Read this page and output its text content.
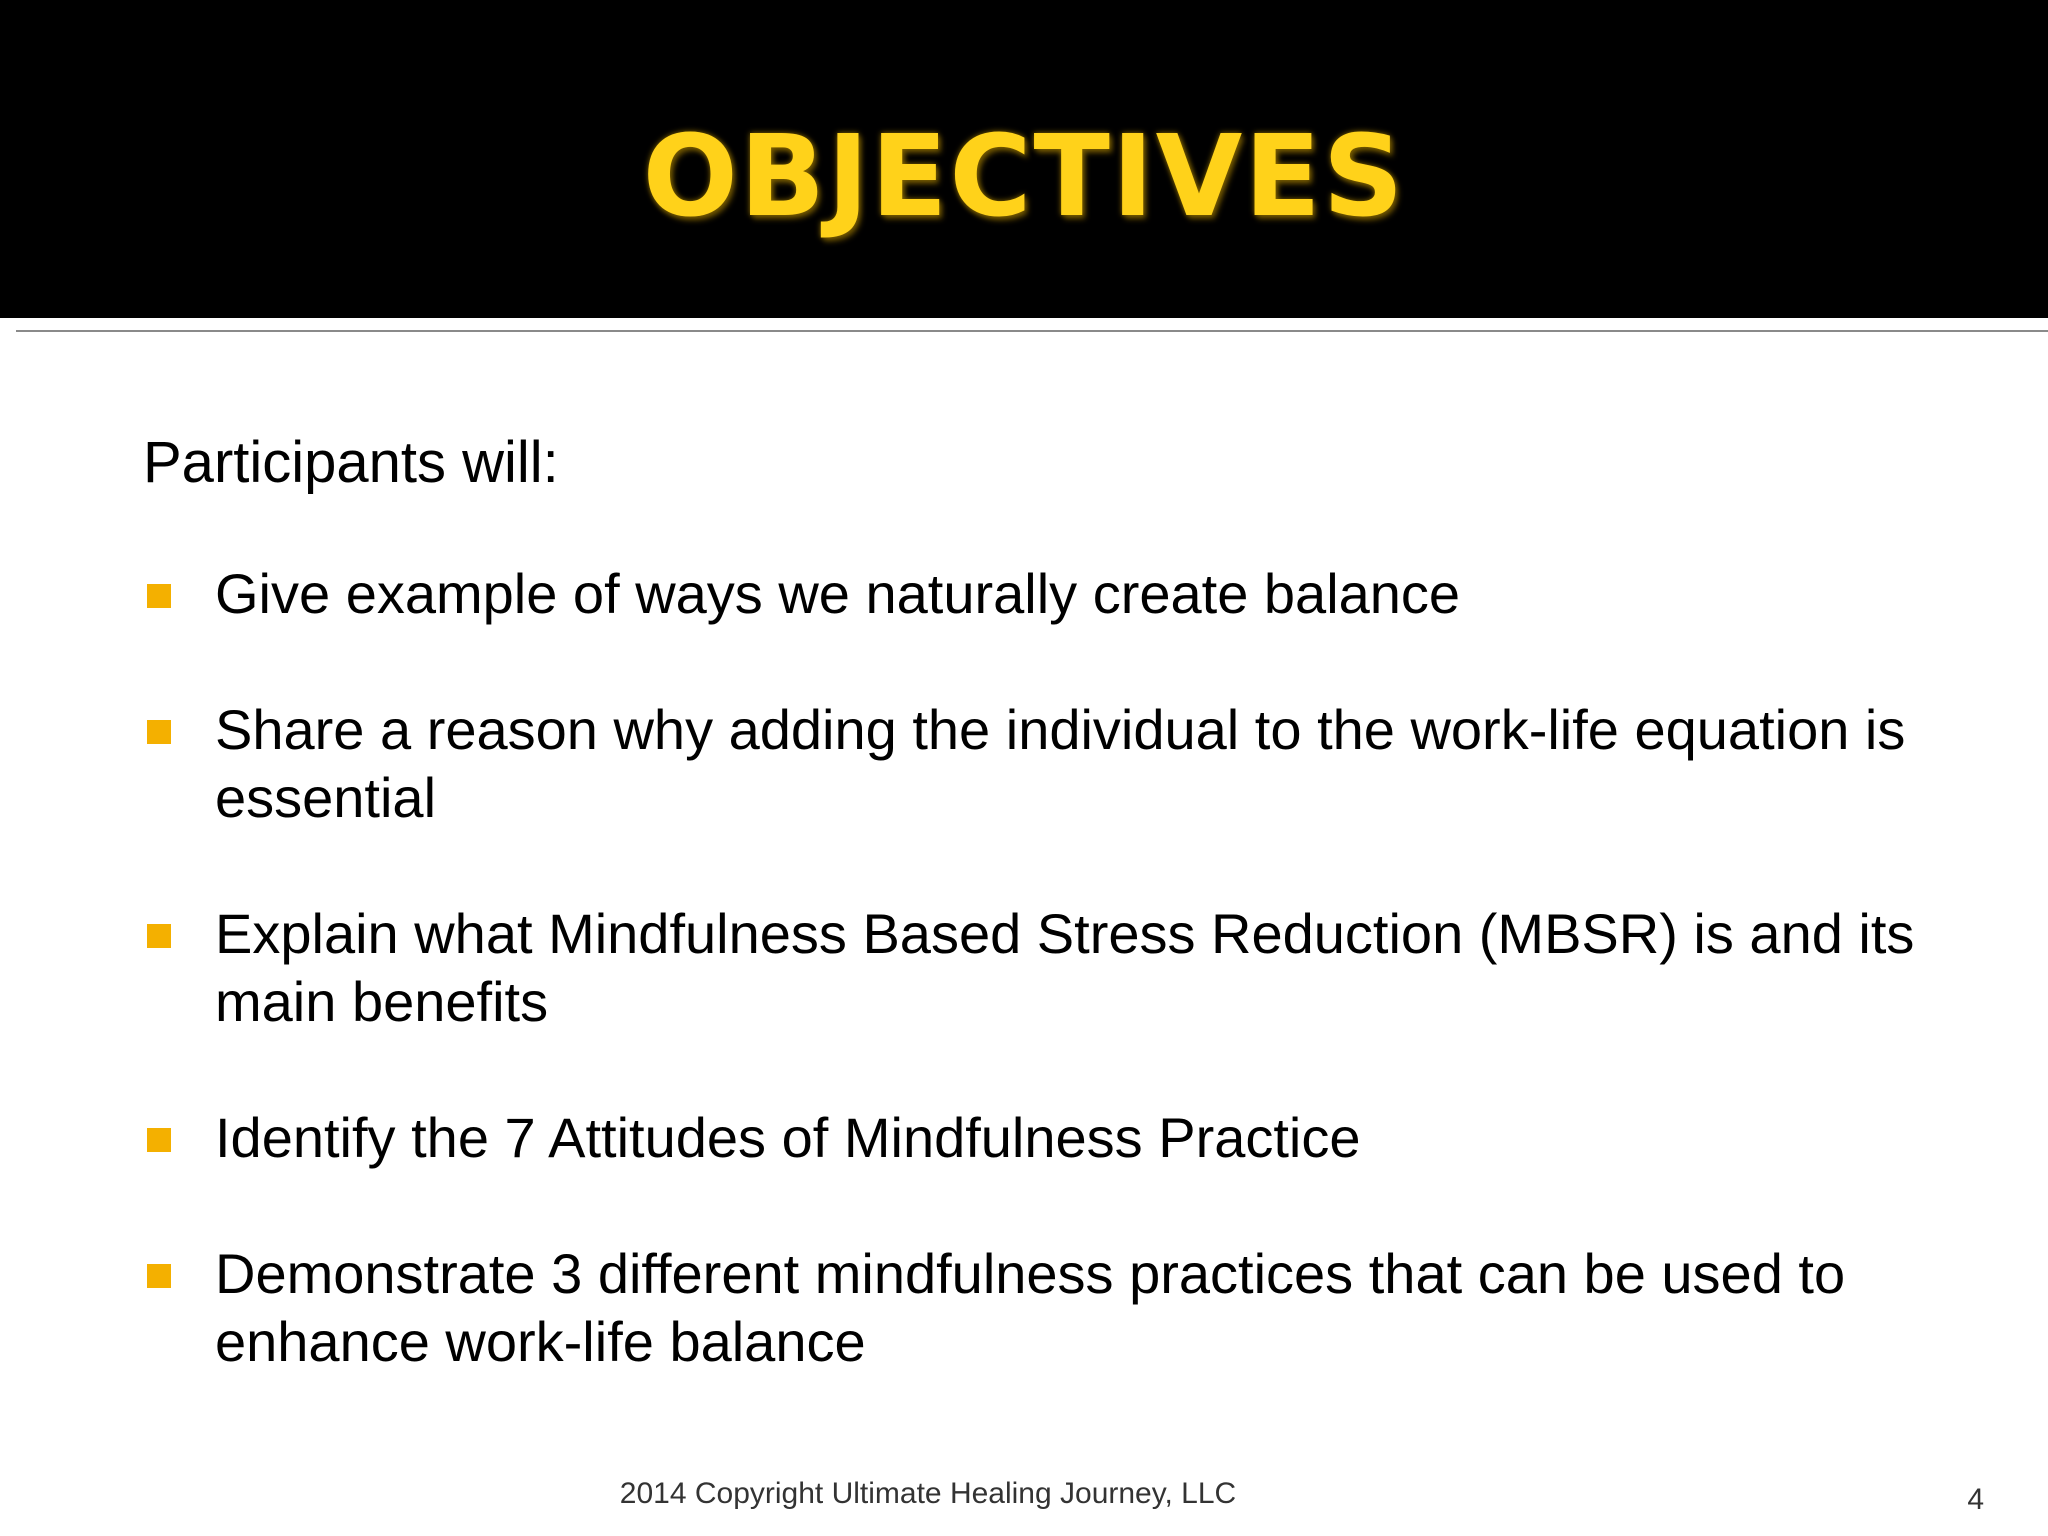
OBJECTIVES
Participants will:
Give example of ways we naturally create balance
Share a reason why adding the individual to the work-life equation is essential
Explain what Mindfulness Based Stress Reduction (MBSR) is and its main benefits
Identify the 7 Attitudes of Mindfulness Practice
Demonstrate 3 different mindfulness practices that can be used to enhance work-life balance
2014 Copyright Ultimate Healing Journey, LLC	4
